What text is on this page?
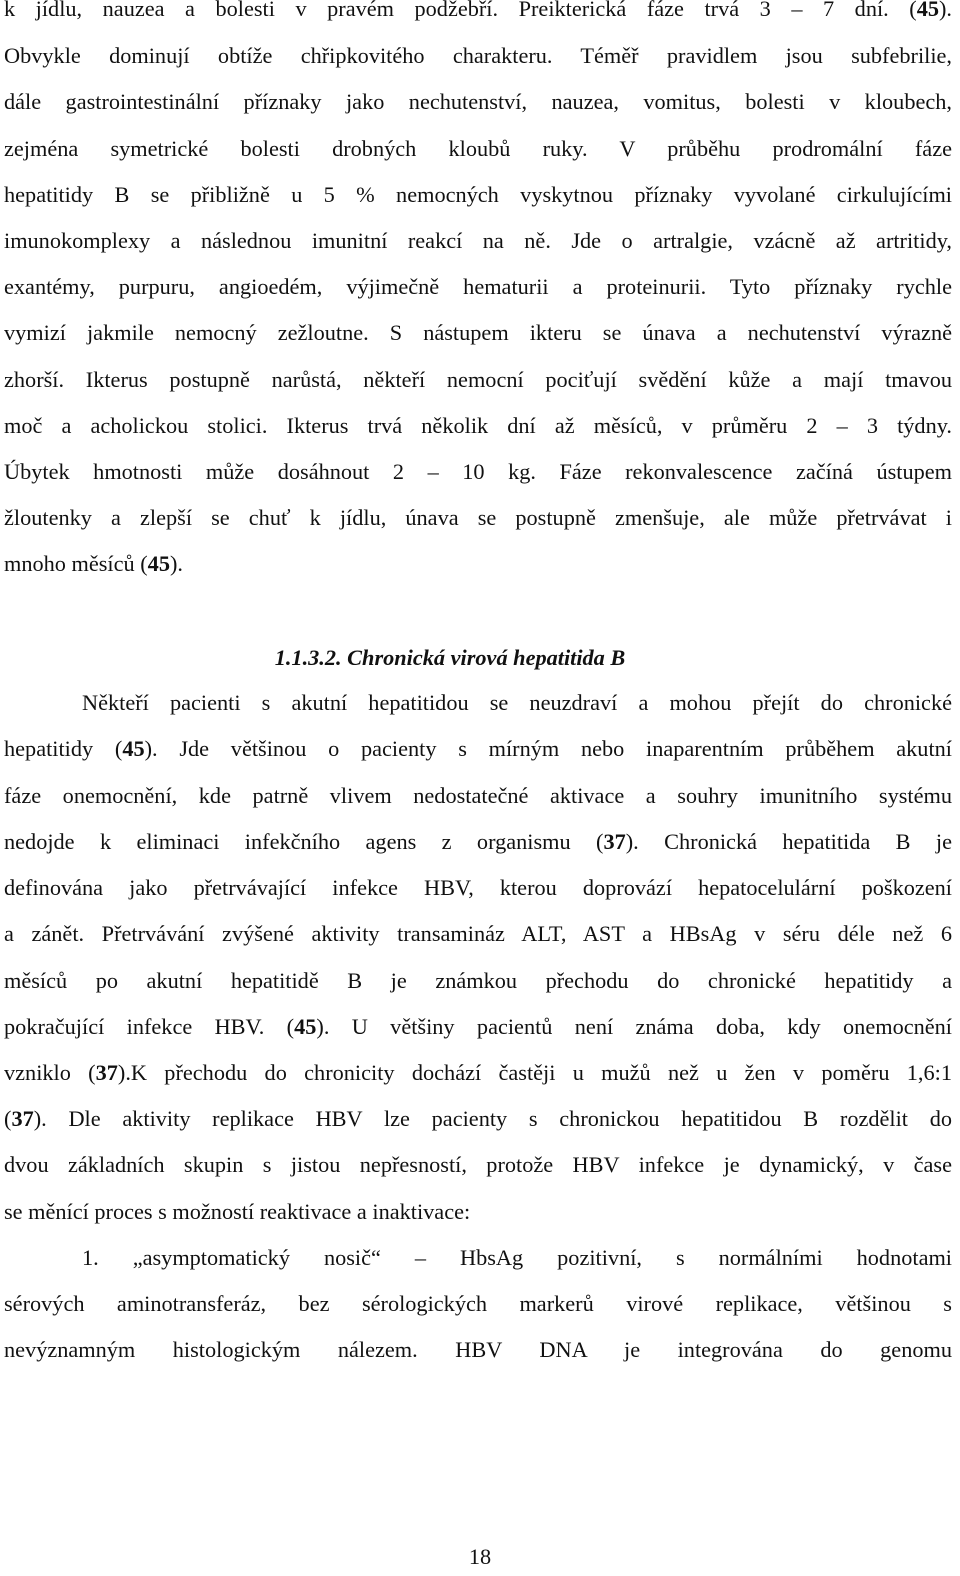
k jídlu, nauzea a bolesti v pravém podžebří. Preikterická fáze trvá 3 – 7 dní. (45).
Obvykle dominují obtíže chřipkovitého charakteru. Téměř pravidlem jsou subfebrilie,
dále gastrointestinální příznaky jako nechutenství, nauzea, vomitus, bolesti v kloubech,
zejména symetrické bolesti drobných kloubů ruky. V průběhu prodromální fáze
hepatitidy B se přibližně u 5 % nemocných vyskytnou příznaky vyvolané cirkulujícími
imunokomplexy a následnou imunitní reakcí na ně. Jde o artralgie, vzácně až artritidy,
exantémy, purpuru, angioedém, výjimečně hematurii a proteinurii. Tyto příznaky rychle
vymizí jakmile nemocný zežloutne. S nástupem ikteru se únava a nechutenství výrazně
zhorší. Ikterus postupně narůstá, někteří nemocní pociťují svědění kůže a mají tmavou
moč a acholickou stolici. Ikterus trvá několik dní až měsíců, v průměru 2 – 3 týdny.
Úbytek hmotnosti může dosáhnout 2 – 10 kg. Fáze rekonvalescence začíná ústupem
žloutenky a zlepší se chuť k jídlu, únava se postupně zmenšuje, ale může přetrvávat i
mnoho měsíců (45).
1.1.3.2. Chronická virová hepatitida B
Někteří pacienti s akutní hepatitidou se neuzdraví a mohou přejít do chronické
hepatitidy (45). Jde většinou o pacienty s mírným nebo inaparentním průběhem akutní
fáze onemocnění, kde patrně vlivem nedostatečné aktivace a souhry imunitního systému
nedojde k eliminaci infekčního agens z organismu (37). Chronická hepatitida B je
definována jako přetrvávající infekce HBV, kterou doprovází hepatocelulární poškození
a zánět. Přetrvávání zvýšené aktivity transamináz ALT, AST a HBsAg v séru déle než 6
měsíců po akutní hepatitidě B je známkou přechodu do chronické hepatitidy a
pokračující infekce HBV. (45). U většiny pacientů není známa doba, kdy onemocnění
vzniklo (37).K přechodu do chronicity dochází častěji u mužů než u žen v poměru 1,6:1
(37). Dle aktivity replikace HBV lze pacienty s chronickou hepatitidou B rozdělit do
dvou základních skupin s jistou nepřesností, protože HBV infekce je dynamický, v čase
se měnící proces s možností reaktivace a inaktivace:
1. „asymptomatický nosič“ – HbsAg pozitivní, s normálními hodnotami
sérových aminotransferáz, bez sérologických markerů virové replikace, většinou s
nevýznamným histologickým nálezem. HBV DNA je integrována do genomu
18
